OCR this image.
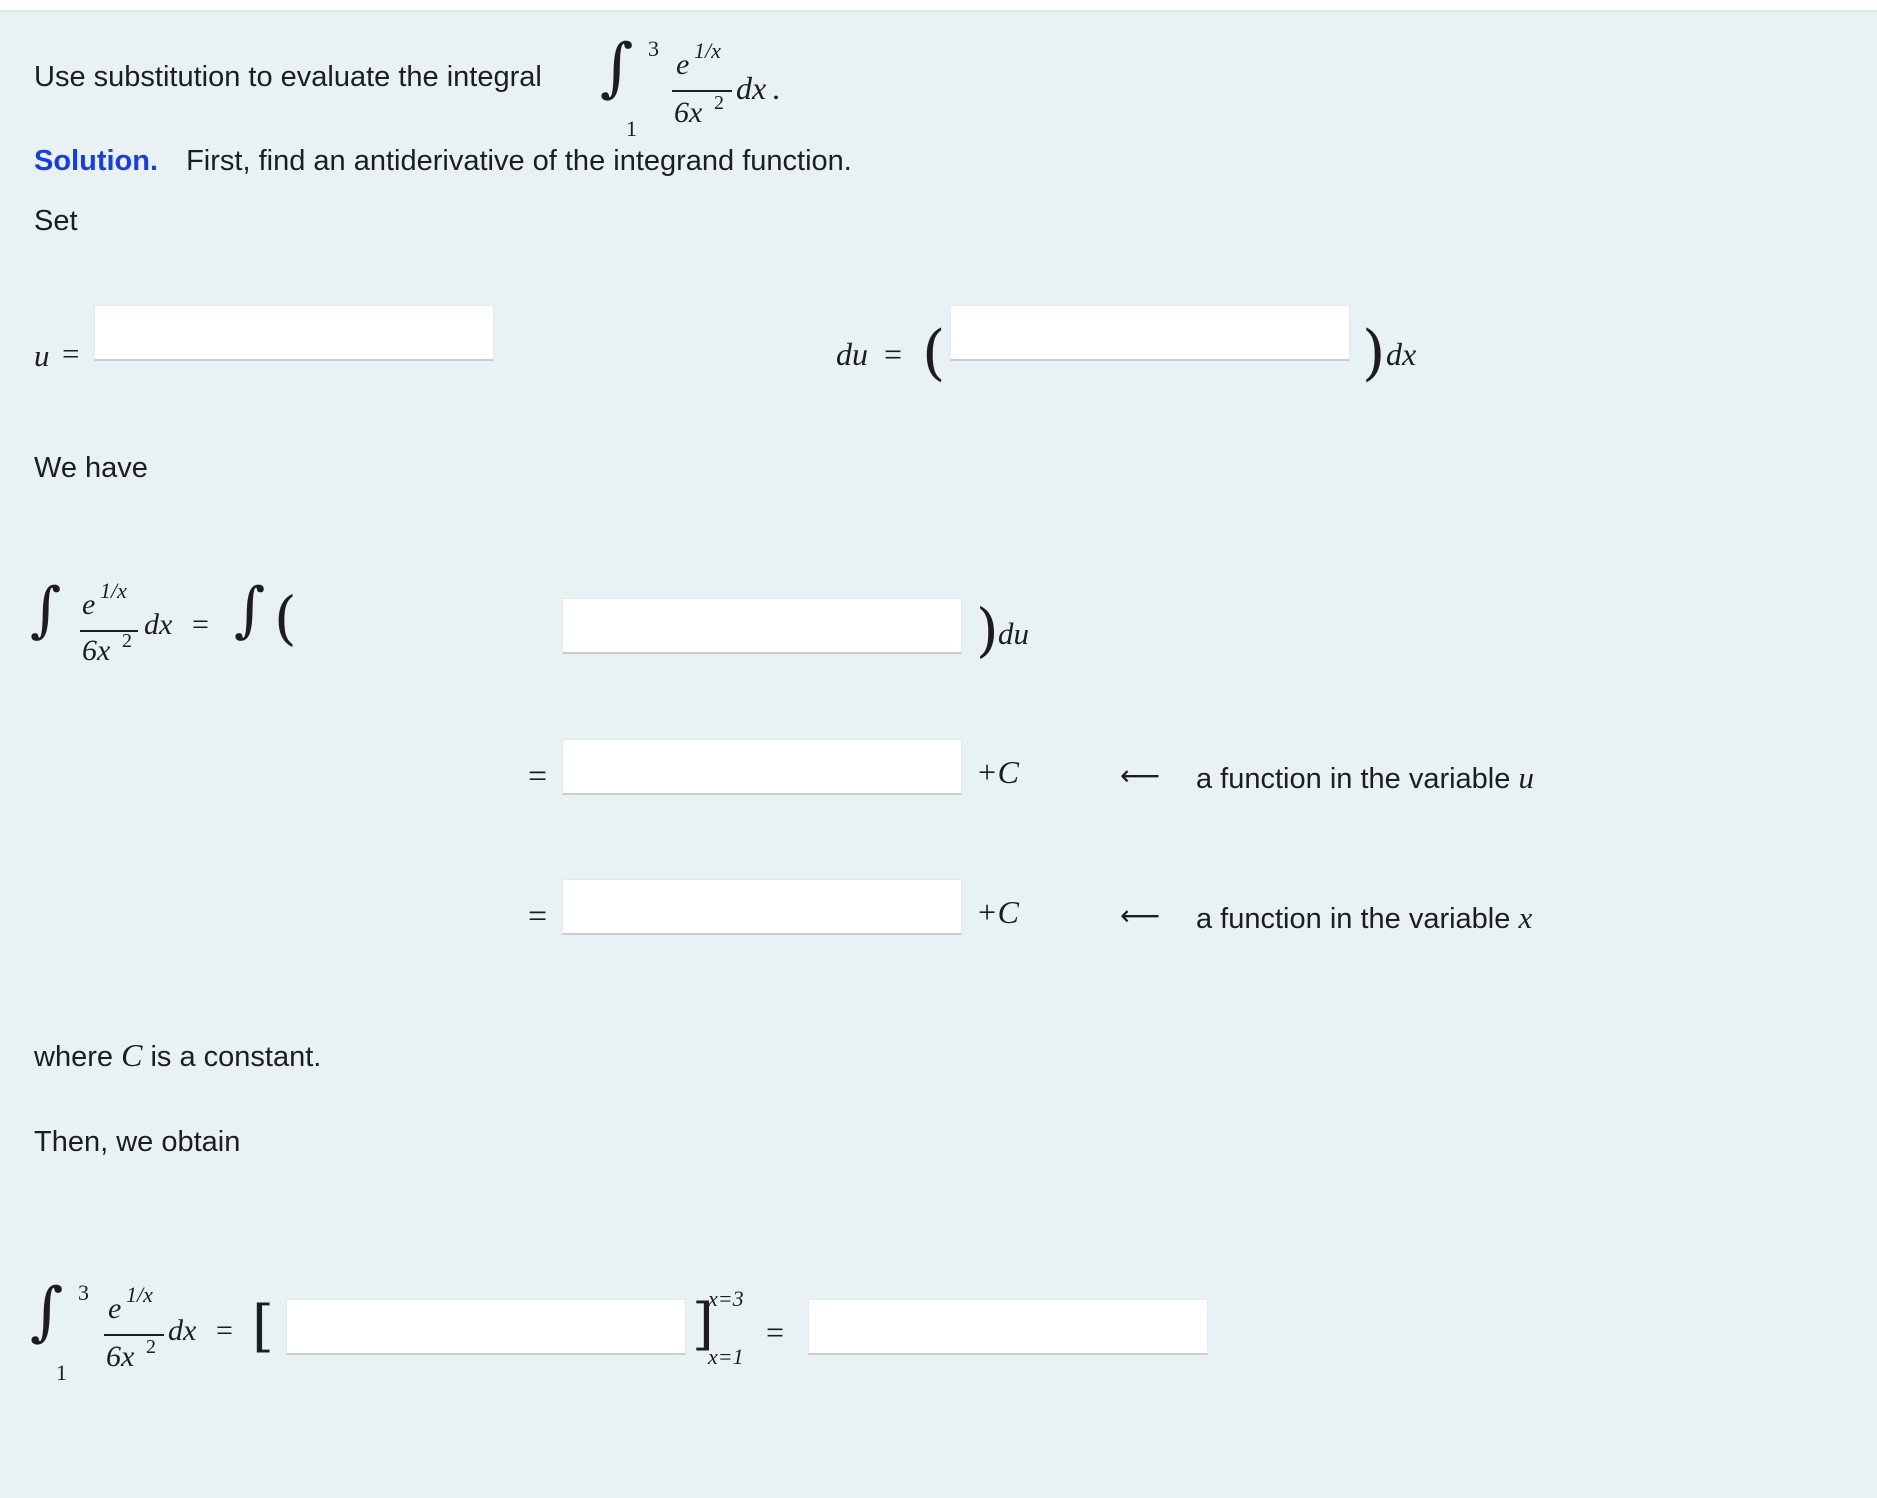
Use substitution to evaluate the integral ∫ 3
1
e 1/x
6x 2 dx .
Solution. First, find an antiderivative of the integrand function.
Set
u =	du = (	) dx
We have
∫ e 1/x
6x 2 dx = ∫ (	) du
=	+C	⟵ a function in the variable u
=	+C	⟵ a function in the variable x
where C is a constant.
Then, we obtain
∫ 3
1
e 1/x
6x 2 dx = [	]
x=3
x=1
=
